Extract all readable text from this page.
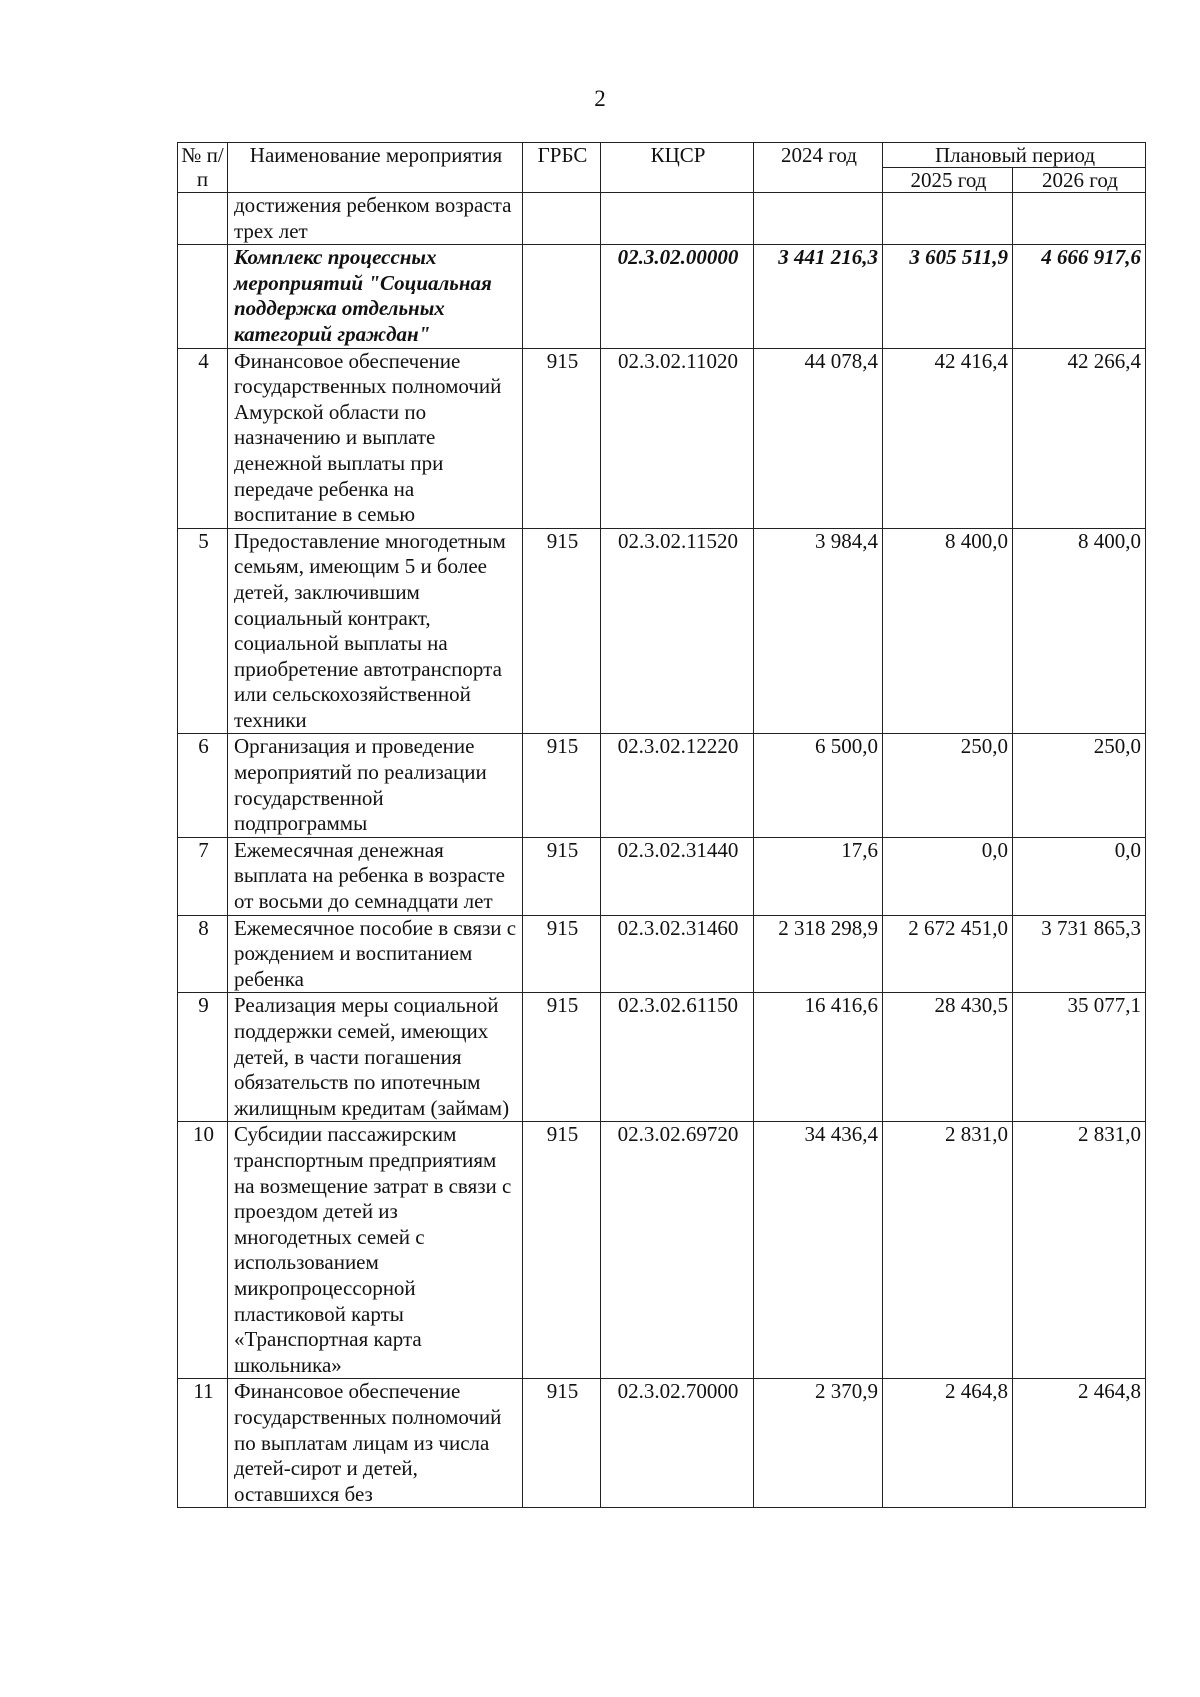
2
№ п/п	Наименование мероприятия	ГРБС	КЦСР	2024 год	Плановый период	
					2025 год	2026 год
	достижения ребенком возраста трех лет					
	Комплекс процессных мероприятий "Социальная поддержка отдельных категорий граждан"		02.3.02.00000	3 441 216,3	3 605 511,9	4 666 917,6
4	Финансовое обеспечение государственных полномочий Амурской области по назначению и выплате денежной выплаты при передаче ребенка на воспитание в семью	915	02.3.02.11020	44 078,4	42 416,4	42 266,4
5	Предоставление многодетным семьям, имеющим 5 и более детей, заключившим социальный контракт, социальной выплаты на приобретение автотранспорта или сельскохозяйственной техники	915	02.3.02.11520	3 984,4	8 400,0	8 400,0
6	Организация и проведение мероприятий по реализации государственной подпрограммы	915	02.3.02.12220	6 500,0	250,0	250,0
7	Ежемесячная денежная выплата на ребенка в возрасте от восьми до семнадцати лет	915	02.3.02.31440	17,6	0,0	0,0
8	Ежемесячное пособие в связи с рождением и воспитанием ребенка	915	02.3.02.31460	2 318 298,9	2 672 451,0	3 731 865,3
9	Реализация меры социальной поддержки семей, имеющих детей, в части погашения обязательств по ипотечным жилищным кредитам (займам)	915	02.3.02.61150	16 416,6	28 430,5	35 077,1
10	Субсидии пассажирским транспортным предприятиям на возмещение затрат в связи с проездом детей из многодетных семей с использованием микропроцессорной пластиковой карты «Транспортная карта школьника»	915	02.3.02.69720	34 436,4	2 831,0	2 831,0
11	Финансовое обеспечение государственных полномочий по выплатам лицам из числа детей-сирот и детей, оставшихся без	915	02.3.02.70000	2 370,9	2 464,8	2 464,8
